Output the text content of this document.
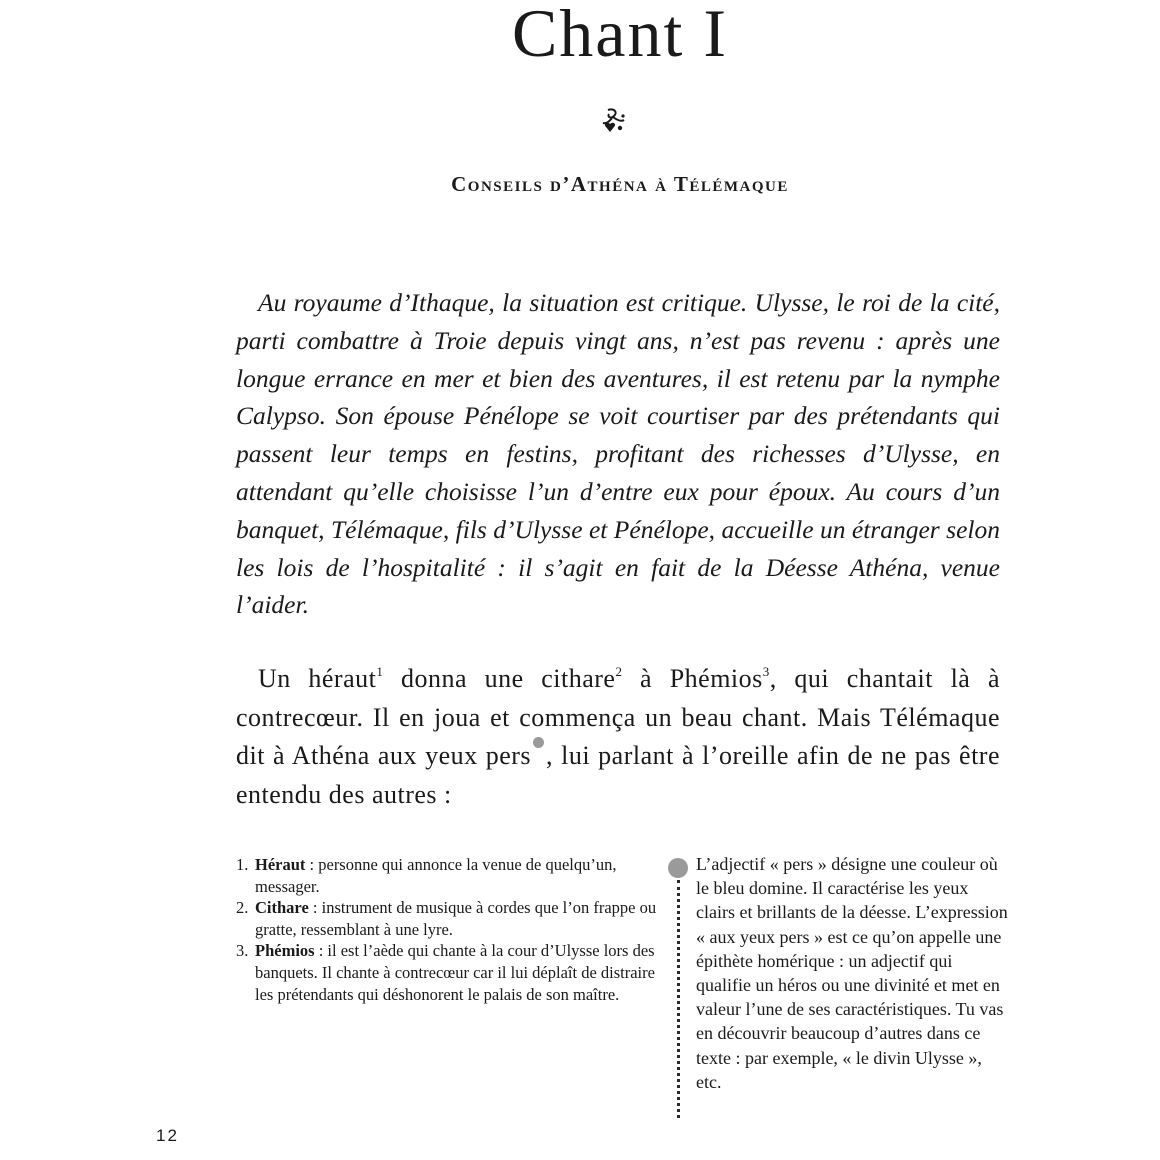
Chant I
Conseils d’Athéna à Télémaque

Au royaume d’Ithaque, la situation est critique. Ulysse, le roi de la cité, parti combattre à Troie depuis vingt ans, n’est pas revenu : après une longue errance en mer et bien des aventures, il est retenu par la nymphe Calypso. Son épouse Pénélope se voit courtiser par des prétendants qui passent leur temps en festins, profitant des richesses d’Ulysse, en attendant qu’elle choisisse l’un d’entre eux pour époux. Au cours d’un banquet, Télémaque, fils d’Ulysse et Pénélope, accueille un étranger selon les lois de l’hospitalité : il s’agit en fait de la Déesse Athéna, venue l’aider.

Un héraut$^1$ donna une cithare$^2$ à Phémios$^3$, qui chantait là à contrecœur. Il en joua et commença un beau chant. Mais Télémaque dit à Athéna aux yeux pers , lui parlant à l’oreille afin de ne pas être entendu des autres :

1. Héraut : personne qui annonce la venue de quelqu’un, messager.
2. Cithare : instrument de musique à cordes que l’on frappe ou gratte, ressemblant à une lyre.
3. Phémios : il est l’aède qui chante à la cour d’Ulysse lors des banquets. Il chante à contrecœur car il lui déplaît de distraire les prétendants qui déshonorent le palais de son maître.

L’adjectif « pers » désigne une couleur où le bleu domine. Il caractérise les yeux clairs et brillants de la déesse. L’expression « aux yeux pers » est ce qu’on appelle une épithète homérique : un adjectif qui qualifie un héros ou une divinité et met en valeur l’une de ses caractéristiques. Tu vas en découvrir beaucoup d’autres dans ce texte : par exemple, « le divin Ulysse », etc.

12
